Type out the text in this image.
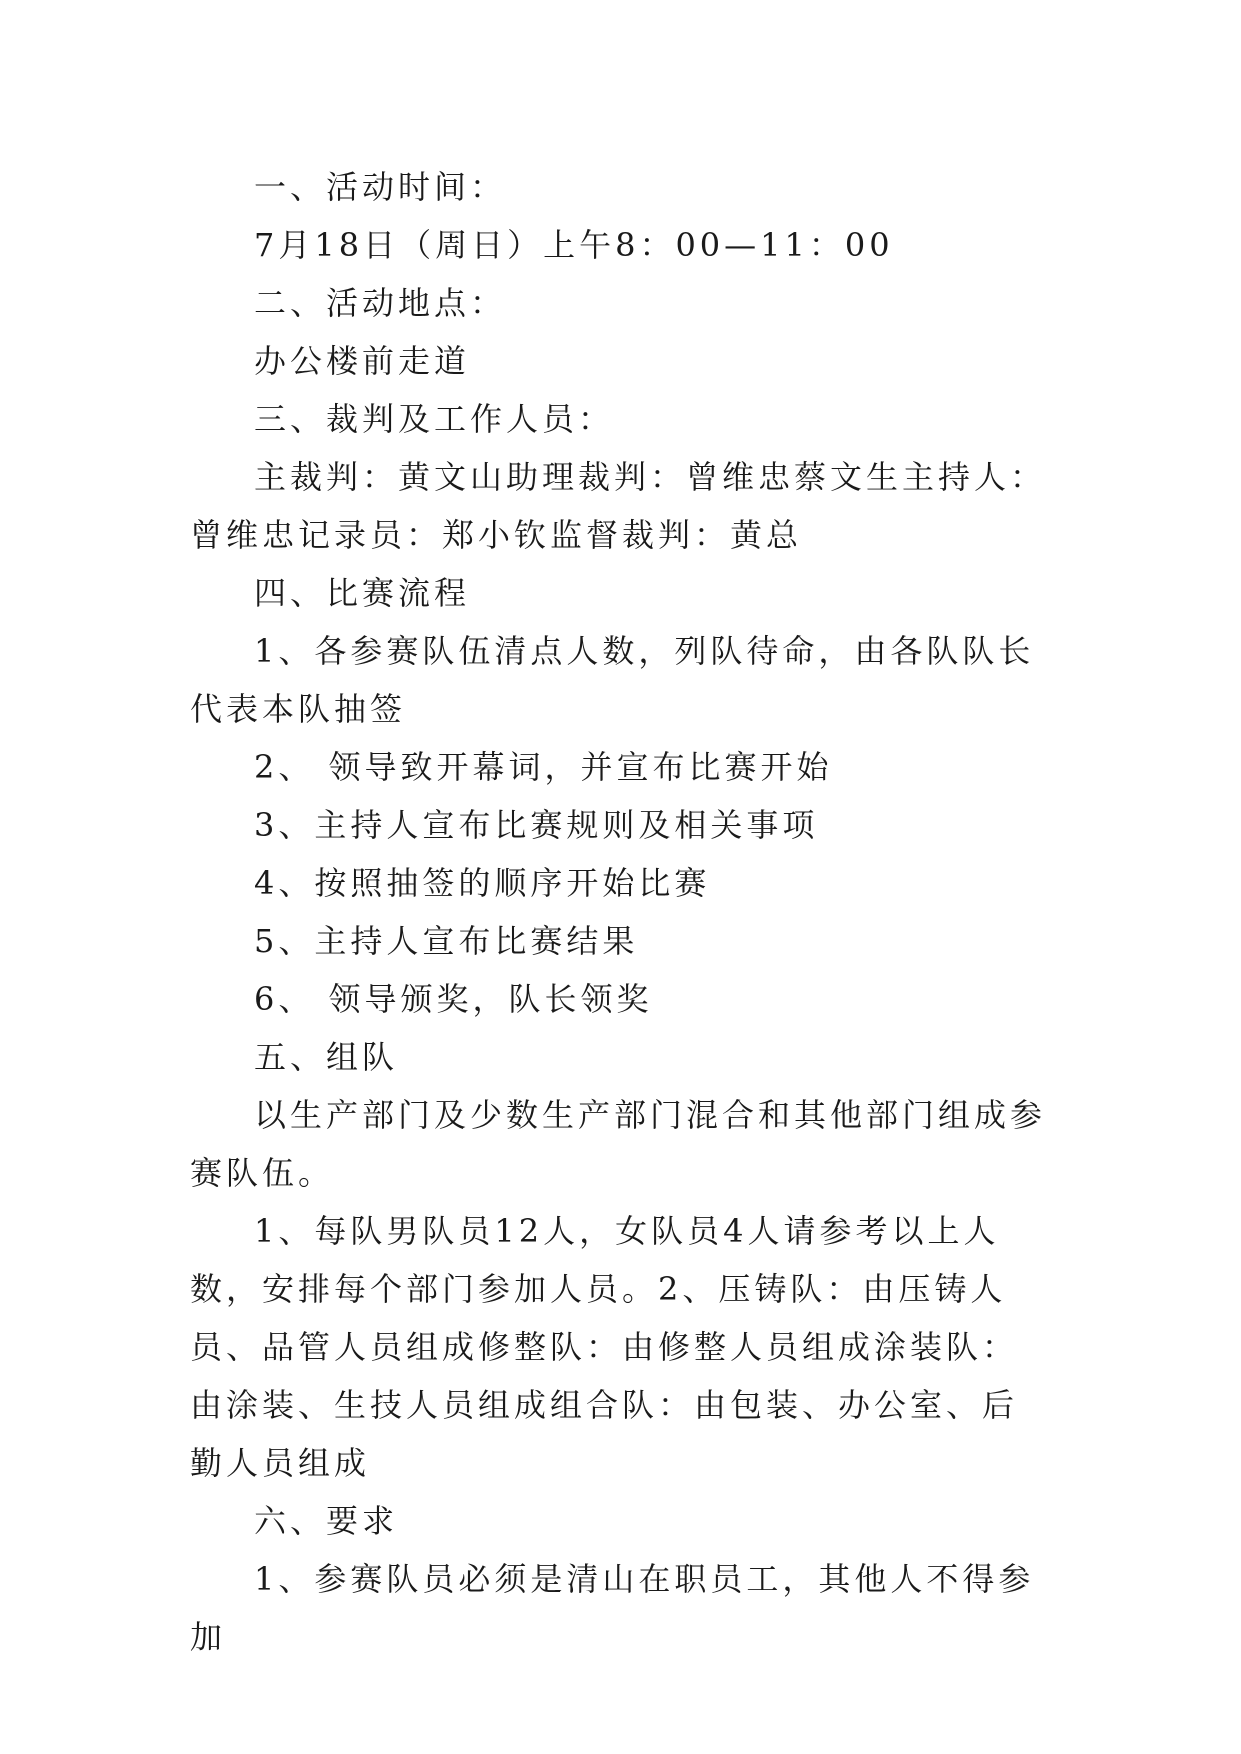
一、活动时间：

7月18日（周日）上午8：00—11：00

二、活动地点：

办公楼前走道

三、裁判及工作人员：

主裁判：黄文山助理裁判：曾维忠蔡文生主持人：曾维忠记录员：郑小钦监督裁判：黄总

四、比赛流程

1、各参赛队伍清点人数，列队待命，由各队队长代表本队抽签

2、 领导致开幕词，并宣布比赛开始

3、主持人宣布比赛规则及相关事项

4、按照抽签的顺序开始比赛

5、主持人宣布比赛结果

6、 领导颁奖，队长领奖

五、组队

以生产部门及少数生产部门混合和其他部门组成参赛队伍。

1、每队男队员12人，女队员4人请参考以上人数，安排每个部门参加人员。2、压铸队：由压铸人员、品管人员组成修整队：由修整人员组成涂装队：由涂装、生技人员组成组合队：由包装、办公室、后勤人员组成

六、要求

1、参赛队员必须是清山在职员工，其他人不得参加
